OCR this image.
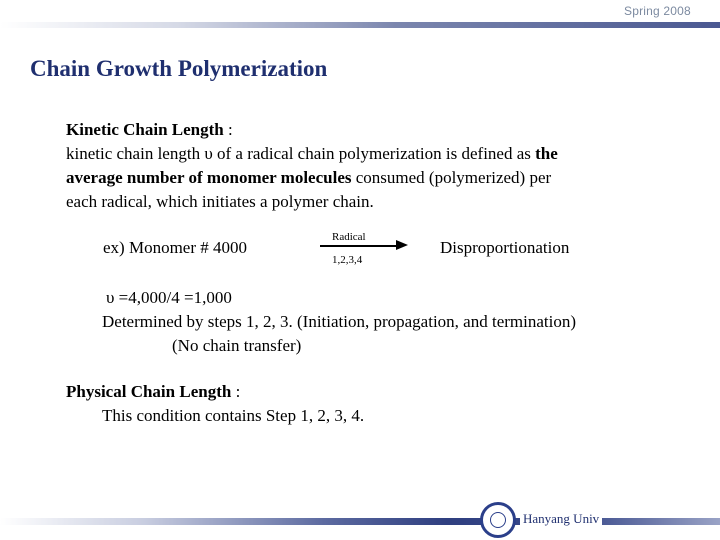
Spring 2008
Chain Growth Polymerization
Kinetic Chain Length :
kinetic chain length υ of a radical chain polymerization is defined as the
average number of monomer molecules consumed (polymerized) per
each radical, which initiates a polymer chain.
ex) Monomer # 4000
Radical
1,2,3,4
Disproportionation
υ =4,000/4 =1,000
Determined by steps 1, 2, 3. (Initiation, propagation, and termination)
(No chain transfer)
Physical Chain Length :
This condition contains Step 1, 2, 3, 4.
Hanyang Univ
